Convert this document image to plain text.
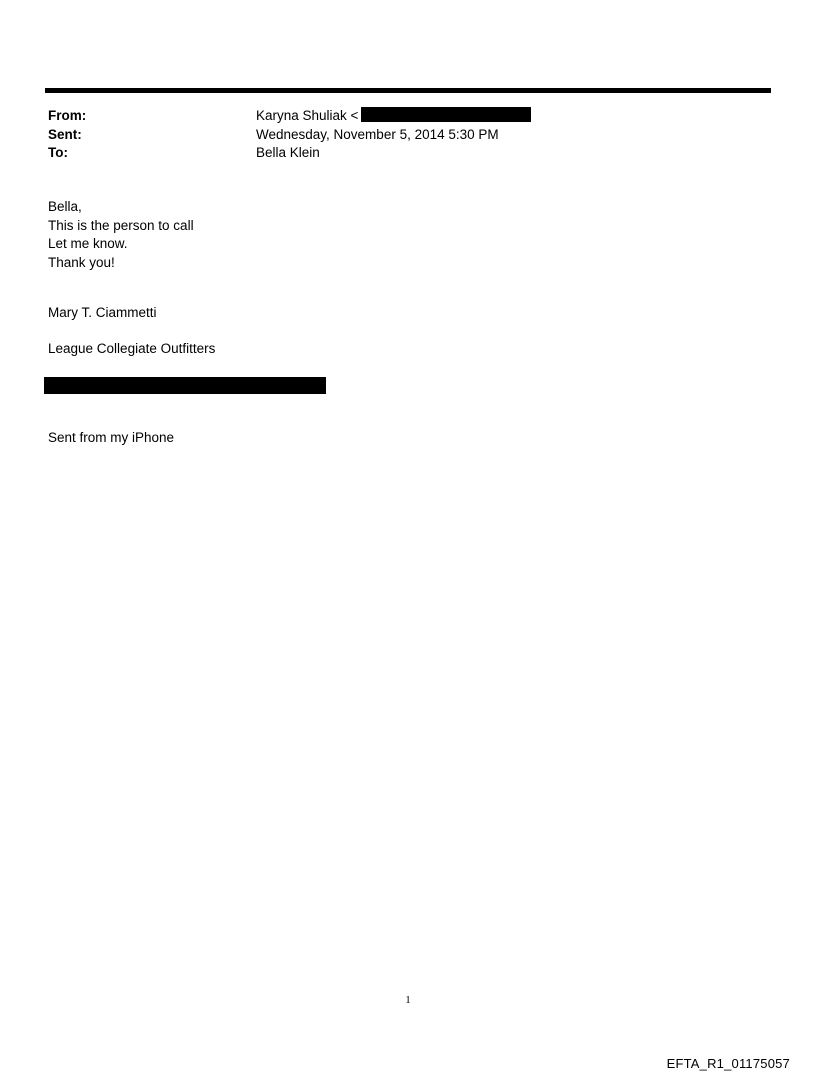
From:	Karyna Shuliak <
Sent:	Wednesday, November 5, 2014 5:30 PM
To:	Bella Klein
Bella,
This is the person to call
Let me know.
Thank you!
Mary T. Ciammetti
League Collegiate Outfitters
Sent from my iPhone
1
EFTA_R1_01175057
